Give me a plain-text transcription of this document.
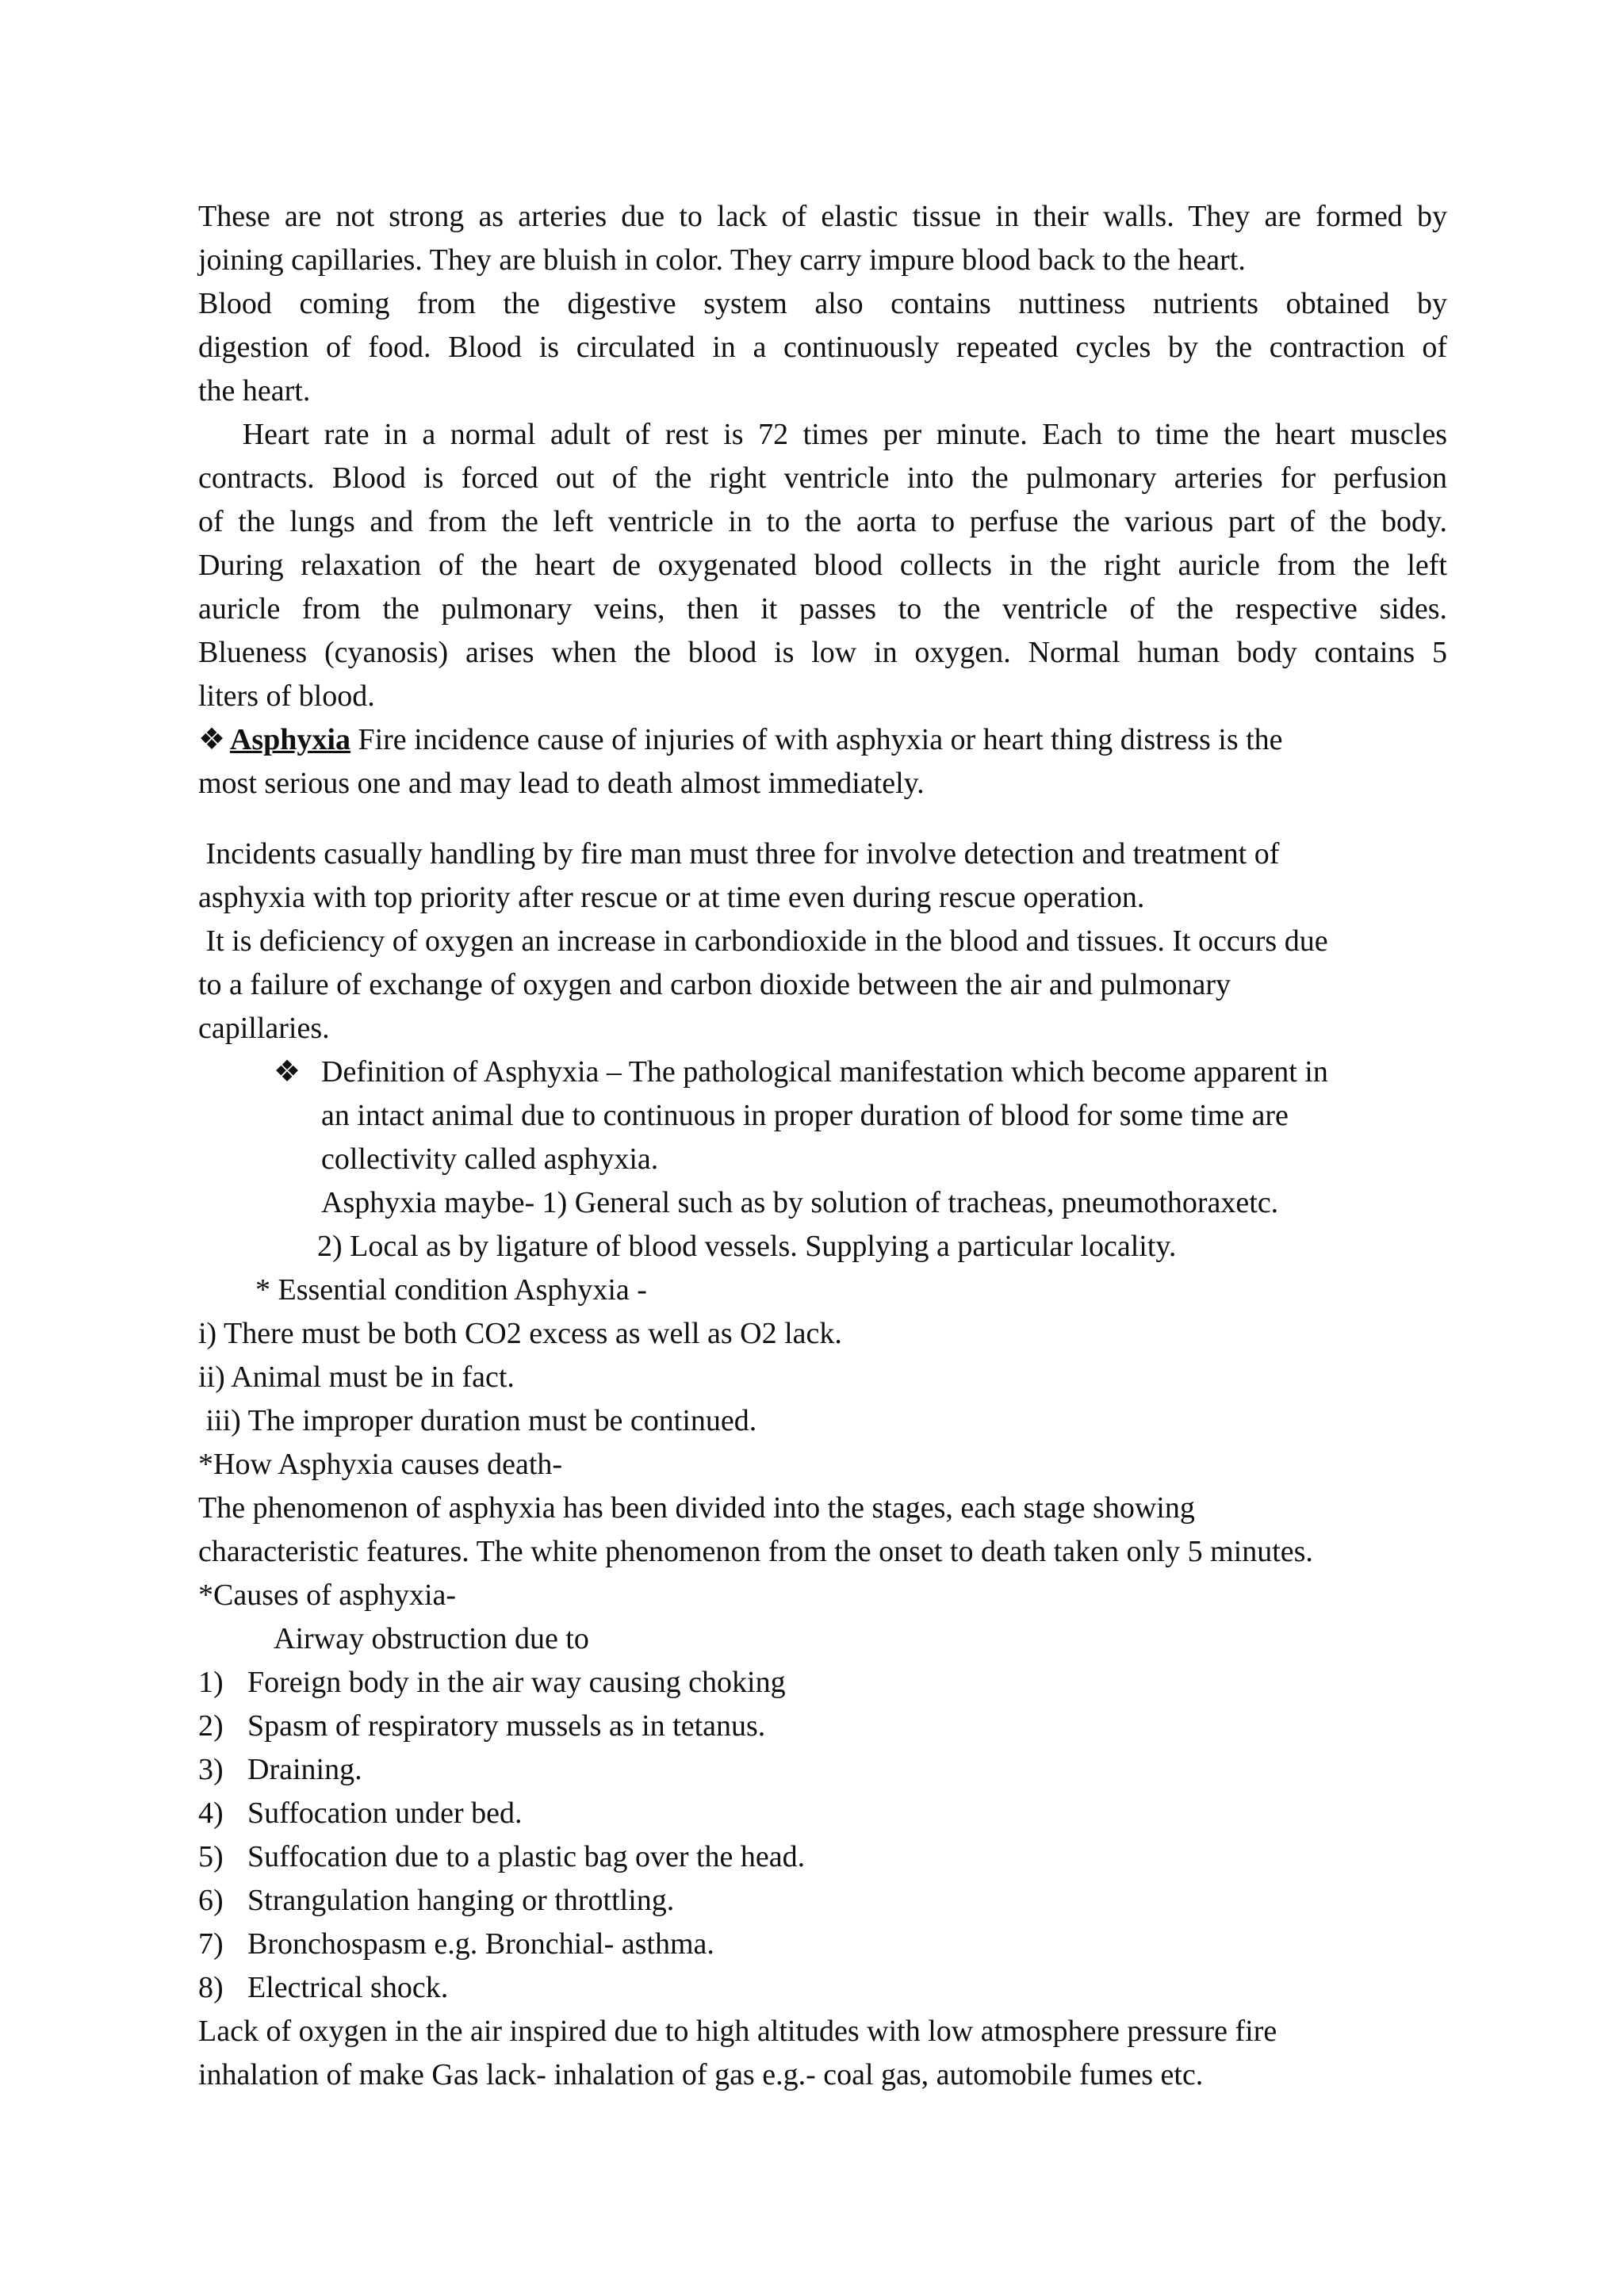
These are not strong as arteries due to lack of elastic tissue in their walls. They are formed by
joining capillaries. They are bluish in color. They carry impure blood back to the heart.
Blood coming from the digestive system also contains nuttiness nutrients obtained by
digestion of food. Blood is circulated in a continuously repeated cycles by the contraction of
the heart.
Heart rate in a normal adult of rest is 72 times per minute. Each to time the heart muscles
contracts. Blood is forced out of the right ventricle into the pulmonary arteries for perfusion
of the lungs and from the left ventricle in to the aorta to perfuse the various part of the body.
During relaxation of the heart de oxygenated blood collects in the right auricle from the left
auricle from the pulmonary veins, then it passes to the ventricle of the respective sides.
Blueness (cyanosis) arises when the blood is low in oxygen. Normal human body contains 5
liters of blood.
❖ Asphyxia Fire incidence cause of injuries of with asphyxia or heart thing distress is the
most serious one and may lead to death almost immediately.
Incidents casually handling by fire man must three for involve detection and treatment of
asphyxia with top priority after rescue or at time even during rescue operation.
It is deficiency of oxygen an increase in carbondioxide in the blood and tissues. It occurs due
to a failure of exchange of oxygen and carbon dioxide between the air and pulmonary
capillaries.
❖ Definition of Asphyxia – The pathological manifestation which become apparent in
an intact animal due to continuous in proper duration of blood for some time are
collectivity called asphyxia.
Asphyxia maybe- 1) General such as by solution of tracheas, pneumothoraxetc.
2) Local as by ligature of blood vessels. Supplying a particular locality.
* Essential condition Asphyxia -
i) There must be both CO2 excess as well as O2 lack.
ii) Animal must be in fact.
iii) The improper duration must be continued.
*How Asphyxia causes death-
The phenomenon of asphyxia has been divided into the stages, each stage showing
characteristic features. The white phenomenon from the onset to death taken only 5 minutes.
*Causes of asphyxia-
Airway obstruction due to
1) Foreign body in the air way causing choking
2) Spasm of respiratory mussels as in tetanus.
3) Draining.
4) Suffocation under bed.
5) Suffocation due to a plastic bag over the head.
6) Strangulation hanging or throttling.
7) Bronchospasm e.g. Bronchial- asthma.
8) Electrical shock.
Lack of oxygen in the air inspired due to high altitudes with low atmosphere pressure fire
inhalation of make Gas lack- inhalation of gas e.g.- coal gas, automobile fumes etc.
